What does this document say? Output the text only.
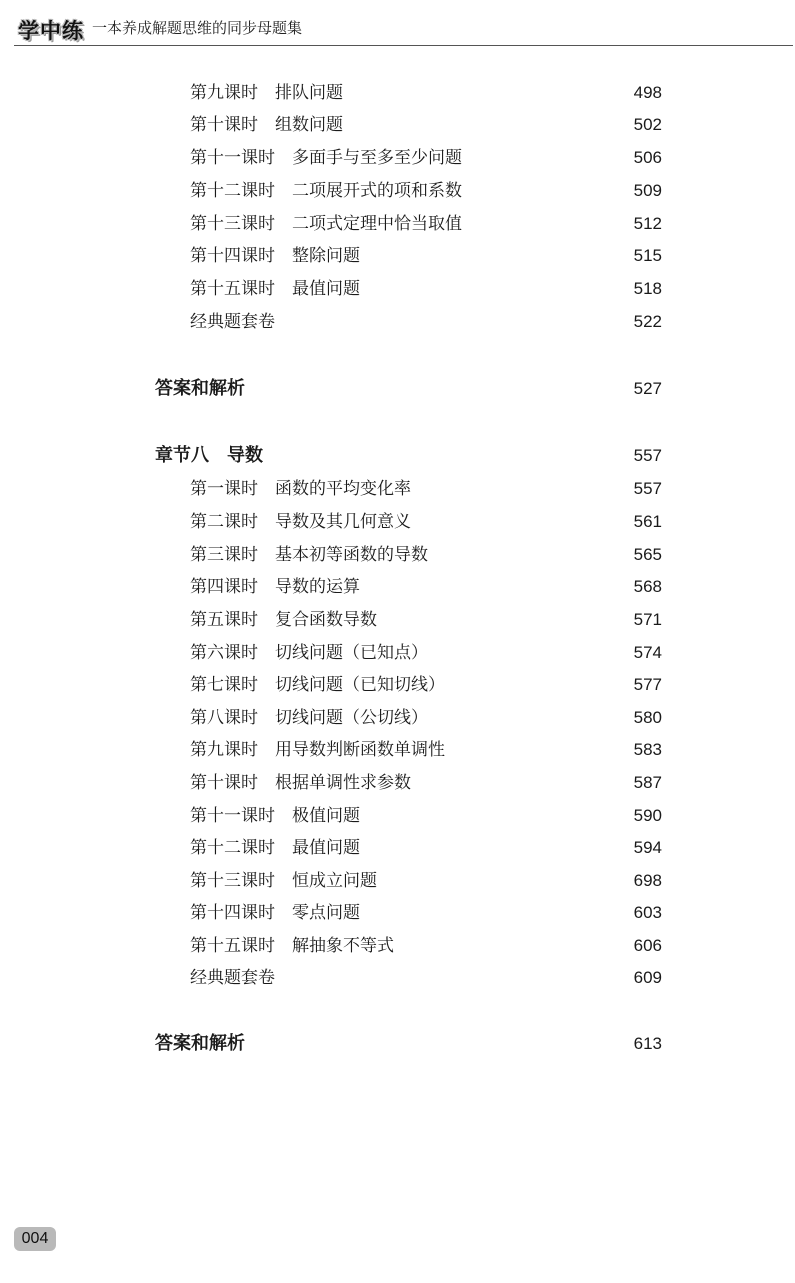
学中练 一本养成解题思维的同步母题集
第九课时　排队问题	498
第十课时　组数问题	502
第十一课时　多面手与至多至少问题	506
第十二课时　二项展开式的项和系数	509
第十三课时　二项式定理中恰当取值	512
第十四课时　整除问题	515
第十五课时　最值问题	518
经典题套卷	522
答案和解析	527
章节八　导数	557
第一课时　函数的平均变化率	557
第二课时　导数及其几何意义	561
第三课时　基本初等函数的导数	565
第四课时　导数的运算	568
第五课时　复合函数导数	571
第六课时　切线问题（已知点）	574
第七课时　切线问题（已知切线）	577
第八课时　切线问题（公切线）	580
第九课时　用导数判断函数单调性	583
第十课时　根据单调性求参数	587
第十一课时　极值问题	590
第十二课时　最值问题	594
第十三课时　恒成立问题	698
第十四课时　零点问题	603
第十五课时　解抽象不等式	606
经典题套卷	609
答案和解析	613
004
